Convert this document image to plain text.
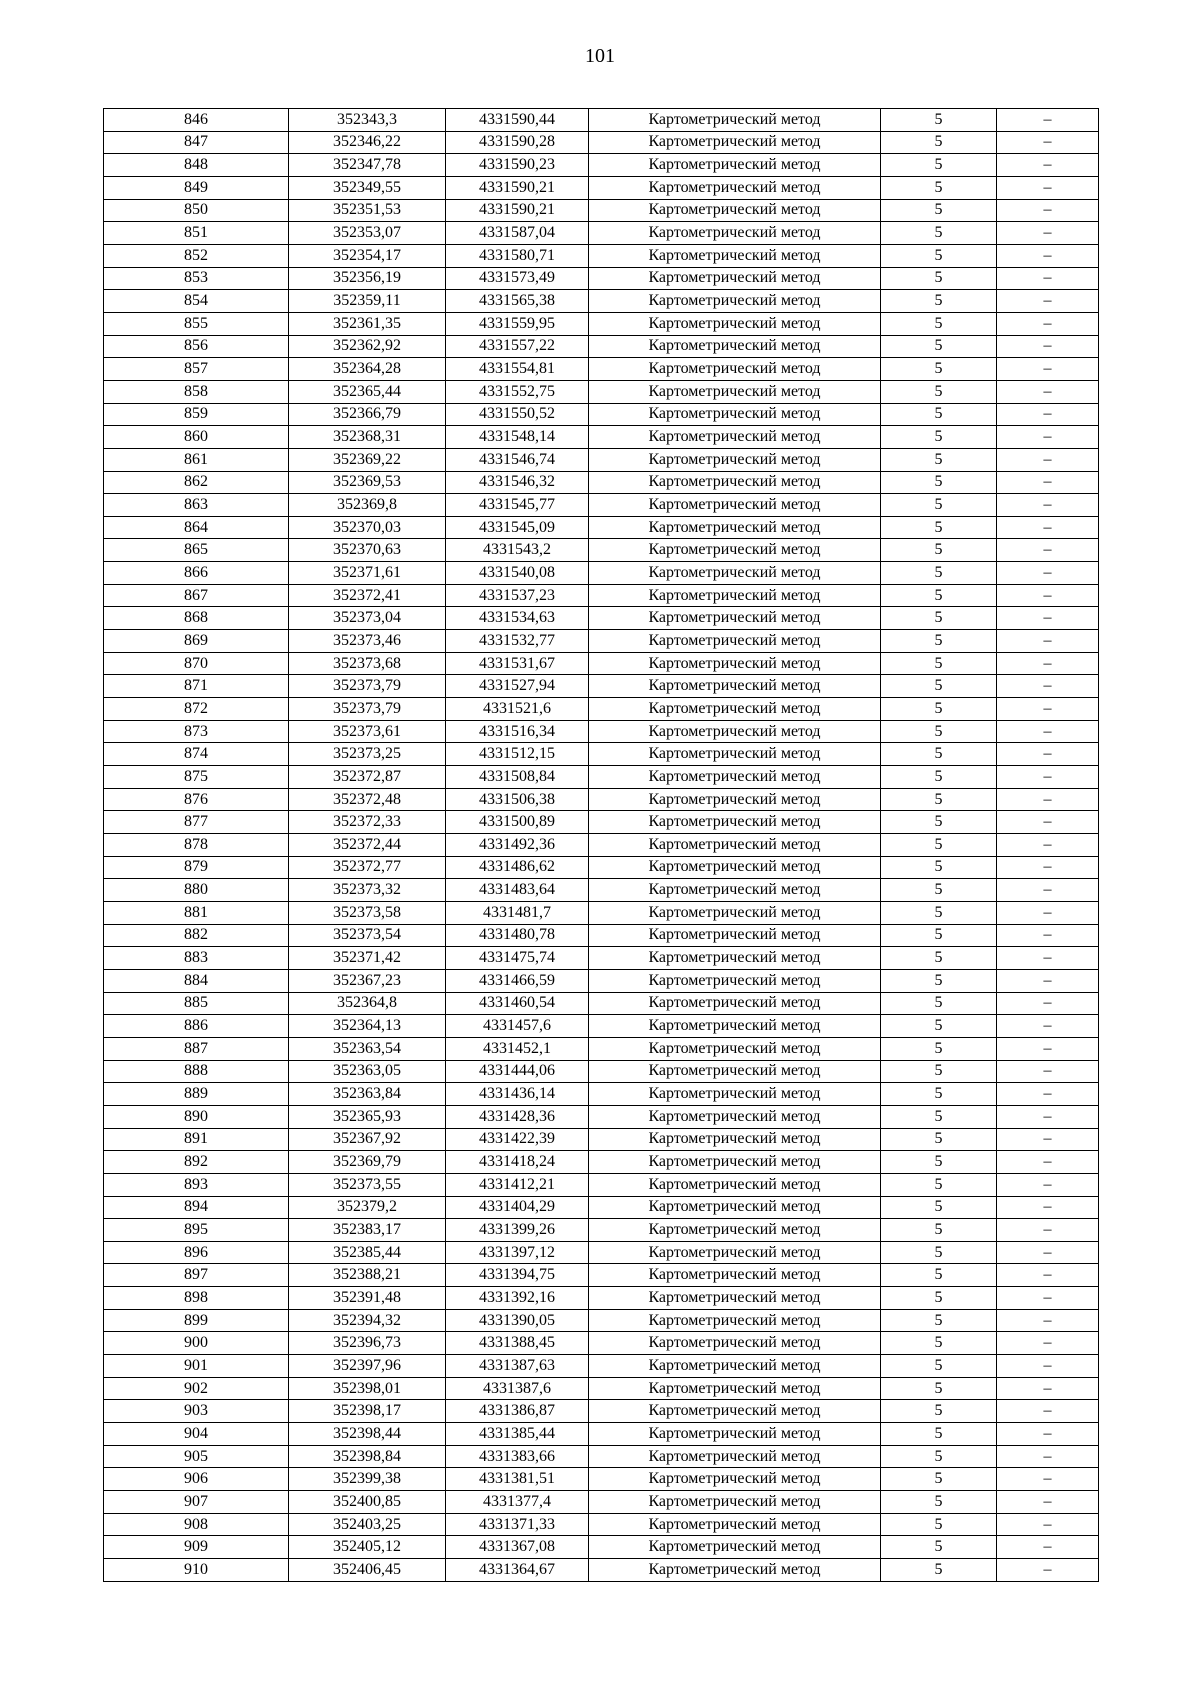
101
846	352343,3	4331590,44	Картометрический метод	5	–
847	352346,22	4331590,28	Картометрический метод	5	–
848	352347,78	4331590,23	Картометрический метод	5	–
849	352349,55	4331590,21	Картометрический метод	5	–
850	352351,53	4331590,21	Картометрический метод	5	–
851	352353,07	4331587,04	Картометрический метод	5	–
852	352354,17	4331580,71	Картометрический метод	5	–
853	352356,19	4331573,49	Картометрический метод	5	–
854	352359,11	4331565,38	Картометрический метод	5	–
855	352361,35	4331559,95	Картометрический метод	5	–
856	352362,92	4331557,22	Картометрический метод	5	–
857	352364,28	4331554,81	Картометрический метод	5	–
858	352365,44	4331552,75	Картометрический метод	5	–
859	352366,79	4331550,52	Картометрический метод	5	–
860	352368,31	4331548,14	Картометрический метод	5	–
861	352369,22	4331546,74	Картометрический метод	5	–
862	352369,53	4331546,32	Картометрический метод	5	–
863	352369,8	4331545,77	Картометрический метод	5	–
864	352370,03	4331545,09	Картометрический метод	5	–
865	352370,63	4331543,2	Картометрический метод	5	–
866	352371,61	4331540,08	Картометрический метод	5	–
867	352372,41	4331537,23	Картометрический метод	5	–
868	352373,04	4331534,63	Картометрический метод	5	–
869	352373,46	4331532,77	Картометрический метод	5	–
870	352373,68	4331531,67	Картометрический метод	5	–
871	352373,79	4331527,94	Картометрический метод	5	–
872	352373,79	4331521,6	Картометрический метод	5	–
873	352373,61	4331516,34	Картометрический метод	5	–
874	352373,25	4331512,15	Картометрический метод	5	–
875	352372,87	4331508,84	Картометрический метод	5	–
876	352372,48	4331506,38	Картометрический метод	5	–
877	352372,33	4331500,89	Картометрический метод	5	–
878	352372,44	4331492,36	Картометрический метод	5	–
879	352372,77	4331486,62	Картометрический метод	5	–
880	352373,32	4331483,64	Картометрический метод	5	–
881	352373,58	4331481,7	Картометрический метод	5	–
882	352373,54	4331480,78	Картометрический метод	5	–
883	352371,42	4331475,74	Картометрический метод	5	–
884	352367,23	4331466,59	Картометрический метод	5	–
885	352364,8	4331460,54	Картометрический метод	5	–
886	352364,13	4331457,6	Картометрический метод	5	–
887	352363,54	4331452,1	Картометрический метод	5	–
888	352363,05	4331444,06	Картометрический метод	5	–
889	352363,84	4331436,14	Картометрический метод	5	–
890	352365,93	4331428,36	Картометрический метод	5	–
891	352367,92	4331422,39	Картометрический метод	5	–
892	352369,79	4331418,24	Картометрический метод	5	–
893	352373,55	4331412,21	Картометрический метод	5	–
894	352379,2	4331404,29	Картометрический метод	5	–
895	352383,17	4331399,26	Картометрический метод	5	–
896	352385,44	4331397,12	Картометрический метод	5	–
897	352388,21	4331394,75	Картометрический метод	5	–
898	352391,48	4331392,16	Картометрический метод	5	–
899	352394,32	4331390,05	Картометрический метод	5	–
900	352396,73	4331388,45	Картометрический метод	5	–
901	352397,96	4331387,63	Картометрический метод	5	–
902	352398,01	4331387,6	Картометрический метод	5	–
903	352398,17	4331386,87	Картометрический метод	5	–
904	352398,44	4331385,44	Картометрический метод	5	–
905	352398,84	4331383,66	Картометрический метод	5	–
906	352399,38	4331381,51	Картометрический метод	5	–
907	352400,85	4331377,4	Картометрический метод	5	–
908	352403,25	4331371,33	Картометрический метод	5	–
909	352405,12	4331367,08	Картометрический метод	5	–
910	352406,45	4331364,67	Картометрический метод	5	–
